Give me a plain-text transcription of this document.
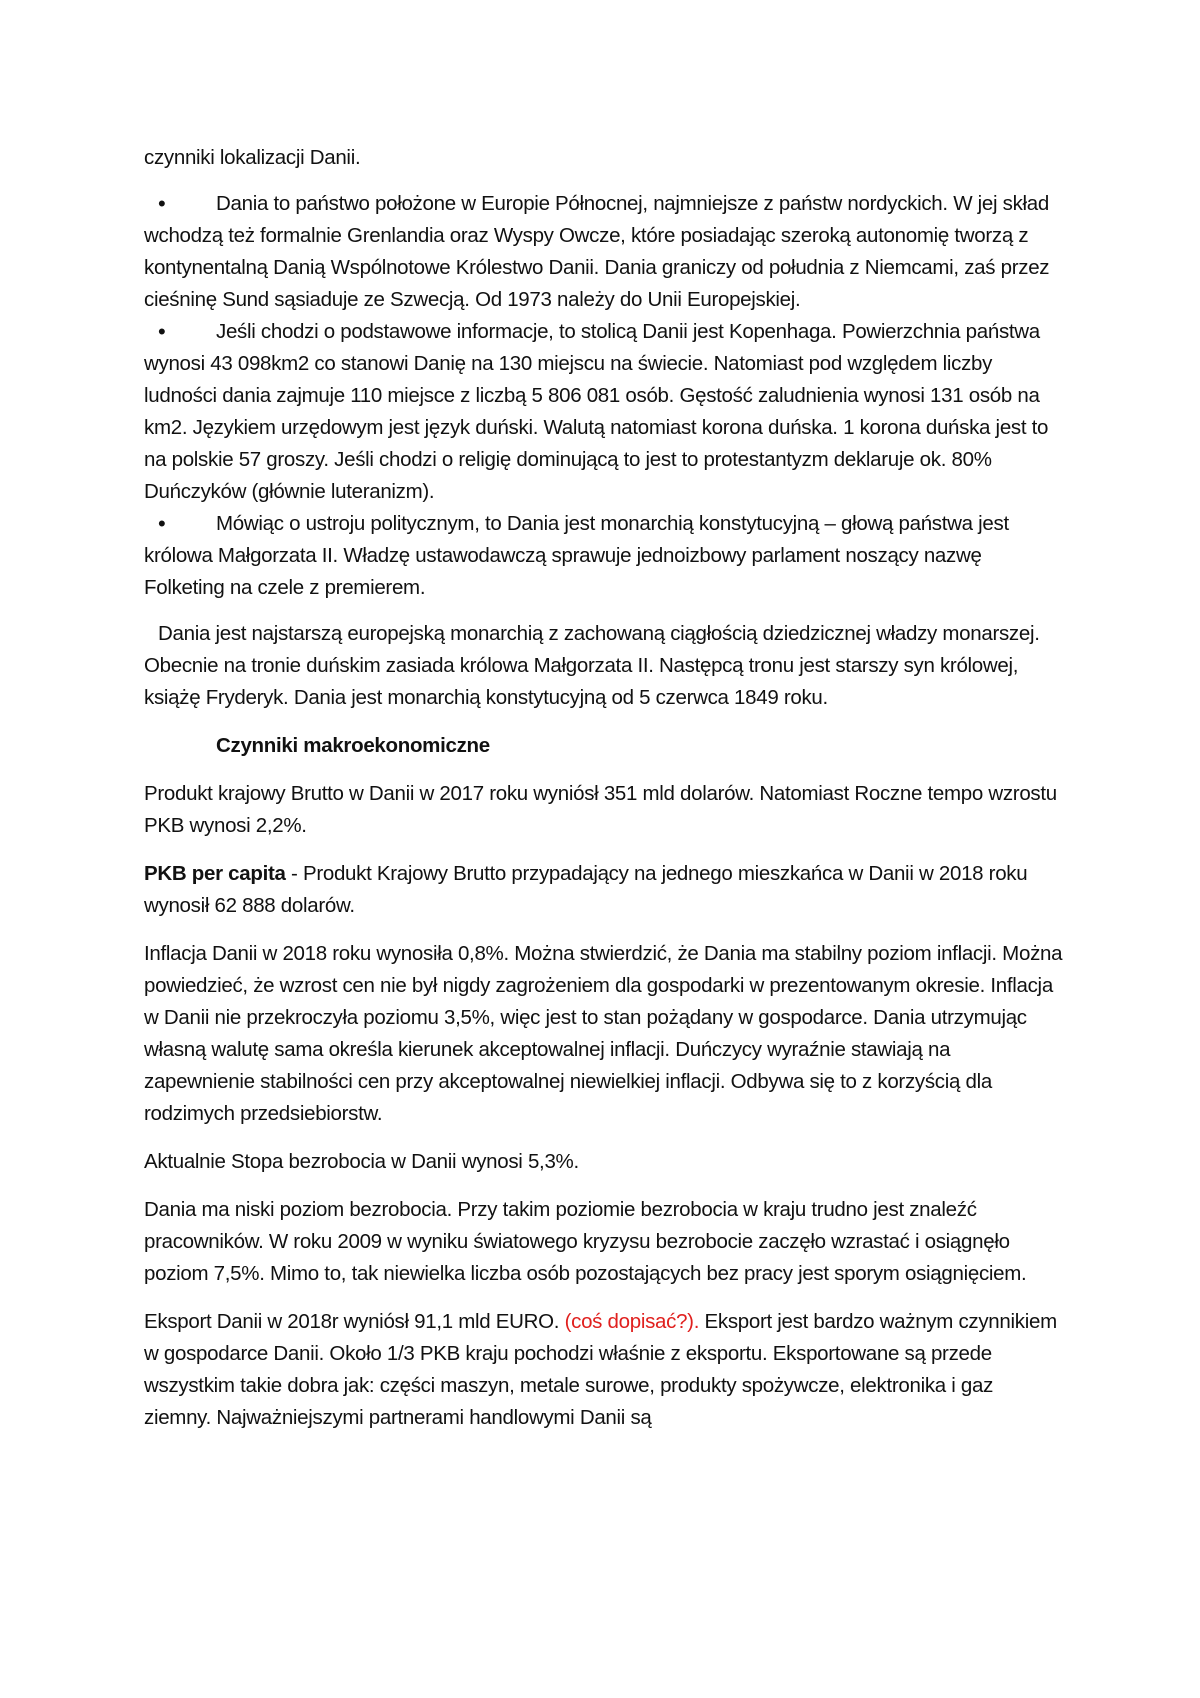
czynniki lokalizacji Danii.

• Dania to państwo położone w Europie Północnej, najmniejsze z państw nordyckich. W jej skład wchodzą też formalnie Grenlandia oraz Wyspy Owcze, które posiadając szeroką autonomię tworzą z kontynentalną Danią Wspólnotowe Królestwo Danii. Dania graniczy od południa z Niemcami, zaś przez cieśninę Sund sąsiaduje ze Szwecją. Od 1973 należy do Unii Europejskiej.
• Jeśli chodzi o podstawowe informacje, to stolicą Danii jest Kopenhaga. Powierzchnia państwa wynosi 43 098km2 co stanowi Danię na 130 miejscu na świecie. Natomiast pod względem liczby ludności dania zajmuje 110 miejsce z liczbą 5 806 081 osób. Gęstość zaludnienia wynosi 131 osób na km2. Językiem urzędowym jest język duński. Walutą natomiast korona duńska. 1 korona duńska jest to na polskie 57 groszy. Jeśli chodzi o religię dominującą to jest to protestantyzm deklaruje ok. 80% Duńczyków (głównie luteranizm).
• Mówiąc o ustroju politycznym, to Dania jest monarchią konstytucyjną – głową państwa jest królowa Małgorzata II. Władzę ustawodawczą sprawuje jednoizbowy parlament noszący nazwę Folketing na czele z premierem.

Dania jest najstarszą europejską monarchią z zachowaną ciągłością dziedzicznej władzy monarszej. Obecnie na tronie duńskim zasiada królowa Małgorzata II. Następcą tronu jest starszy syn królowej, książę Fryderyk. Dania jest monarchią konstytucyjną od 5 czerwca 1849 roku.

Czynniki makroekonomiczne

Produkt krajowy Brutto w Danii w 2017 roku wyniósł 351 mld dolarów. Natomiast Roczne tempo wzrostu PKB wynosi 2,2%.

PKB per capita - Produkt Krajowy Brutto przypadający na jednego mieszkańca w Danii w 2018 roku wynosił 62 888 dolarów.

Inflacja Danii w 2018 roku wynosiła 0,8%. Można stwierdzić, że Dania ma stabilny poziom inflacji. Można powiedzieć, że wzrost cen nie był nigdy zagrożeniem dla gospodarki w prezentowanym okresie. Inflacja w Danii nie przekroczyła poziomu 3,5%, więc jest to stan pożądany w gospodarce. Dania utrzymując własną walutę sama określa kierunek akceptowalnej inflacji. Duńczycy wyraźnie stawiają na zapewnienie stabilności cen przy akceptowalnej niewielkiej inflacji. Odbywa się to z korzyścią dla rodzimych przedsiebiorstw.

Aktualnie Stopa bezrobocia w Danii wynosi 5,3%.

Dania ma niski poziom bezrobocia. Przy takim poziomie bezrobocia w kraju trudno jest znaleźć pracowników. W roku 2009 w wyniku światowego kryzysu bezrobocie zaczęło wzrastać i osiągnęło poziom 7,5%. Mimo to, tak niewielka liczba osób pozostających bez pracy jest sporym osiągnięciem.

Eksport Danii w 2018r wyniósł 91,1 mld EURO. (coś dopisać?). Eksport jest bardzo ważnym czynnikiem w gospodarce Danii. Około 1/3 PKB kraju pochodzi właśnie z eksportu. Eksportowane są przede wszystkim takie dobra jak: części maszyn, metale surowe, produkty spożywcze, elektronika i gaz ziemny. Najważniejszymi partnerami handlowymi Danii są
